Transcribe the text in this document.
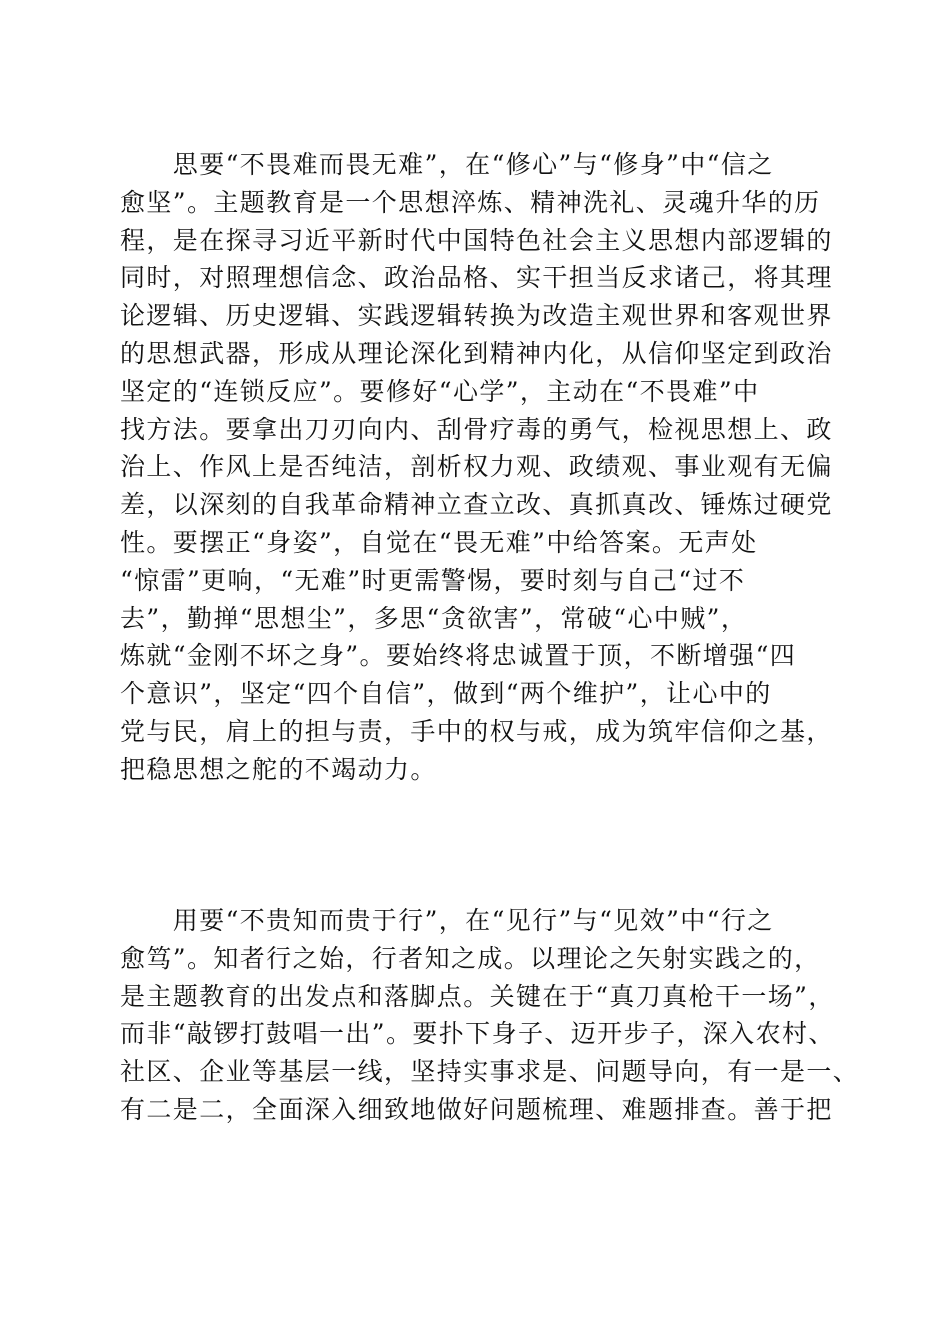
　　思要“不畏难而畏无难”，在“修心”与“修身”中“信之
愈坚”。主题教育是一个思想淬炼、精神洗礼、灵魂升华的历
程，是在探寻习近平新时代中国特色社会主义思想内部逻辑的
同时，对照理想信念、政治品格、实干担当反求诸己，将其理
论逻辑、历史逻辑、实践逻辑转换为改造主观世界和客观世界
的思想武器，形成从理论深化到精神内化，从信仰坚定到政治
坚定的“连锁反应”。要修好“心学”，主动在“不畏难”中
找方法。要拿出刀刃向内、刮骨疗毒的勇气，检视思想上、政
治上、作风上是否纯洁，剖析权力观、政绩观、事业观有无偏
差，以深刻的自我革命精神立查立改、真抓真改、锤炼过硬党
性。要摆正“身姿”，自觉在“畏无难”中给答案。无声处
“惊雷”更响，“无难”时更需警惕，要时刻与自己“过不
去”，勤掸“思想尘”，多思“贪欲害”，常破“心中贼”，
炼就“金刚不坏之身”。要始终将忠诚置于顶，不断增强“四
个意识”，坚定“四个自信”，做到“两个维护”，让心中的
党与民，肩上的担与责，手中的权与戒，成为筑牢信仰之基，
把稳思想之舵的不竭动力。
　　用要“不贵知而贵于行”，在“见行”与“见效”中“行之
愈笃”。知者行之始，行者知之成。以理论之矢射实践之的，
是主题教育的出发点和落脚点。关键在于“真刀真枪干一场”，
而非“敲锣打鼓唱一出”。要扑下身子、迈开步子，深入农村、
社区、企业等基层一线，坚持实事求是、问题导向，有一是一、
有二是二，全面深入细致地做好问题梳理、难题排查。善于把
